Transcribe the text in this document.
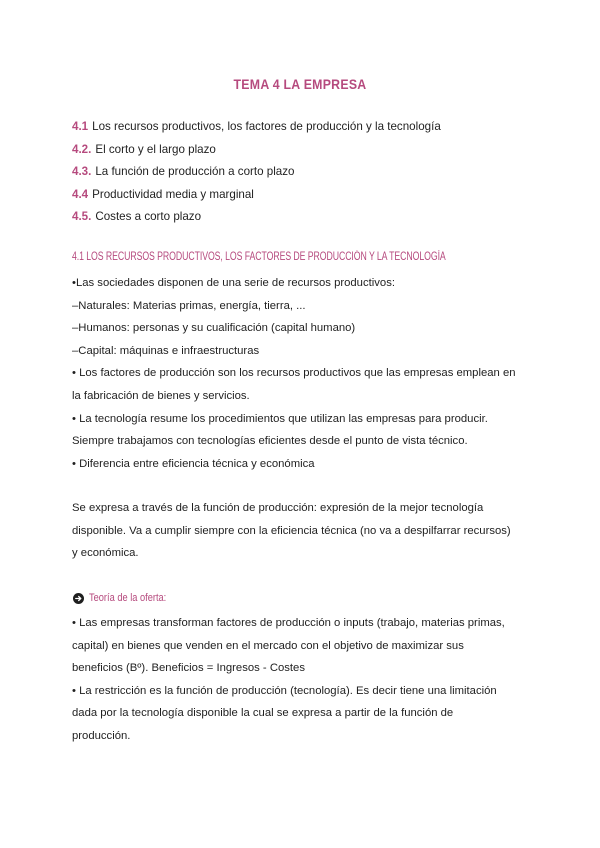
TEMA 4 LA EMPRESA
4.1 Los recursos productivos, los factores de producción y la tecnología
4.2. El corto y el largo plazo
4.3. La función de producción a corto plazo
4.4 Productividad media y marginal
4.5. Costes a corto plazo
4.1 LOS RECURSOS PRODUCTIVOS, LOS FACTORES DE PRODUCCIÓN Y LA TECNOLOGÍA

•Las sociedades disponen de una serie de recursos productivos:

–Naturales: Materias primas, energía, tierra, ...

–Humanos: personas y su cualificación (capital humano)

–Capital: máquinas e infraestructuras

• Los factores de producción son los recursos productivos que las empresas emplean en

la fabricación de bienes y servicios.

• La tecnología resume los procedimientos que utilizan las empresas para producir.

Siempre trabajamos con tecnologías eficientes desde el punto de vista técnico.

• Diferencia entre eficiencia técnica y económica

Se expresa a través de la función de producción: expresión de la mejor tecnología

disponible. Va a cumplir siempre con la eficiencia técnica (no va a despilfarrar recursos)

y económica.

Teoría de la oferta:

• Las empresas transforman factores de producción o inputs (trabajo, materias primas,

capital) en bienes que venden en el mercado con el objetivo de maximizar sus

beneficios (Bº). Beneficios = Ingresos - Costes

• La restricción es la función de producción (tecnología). Es decir tiene una limitación

dada por la tecnología disponible la cual se expresa a partir de la función de

producción.
